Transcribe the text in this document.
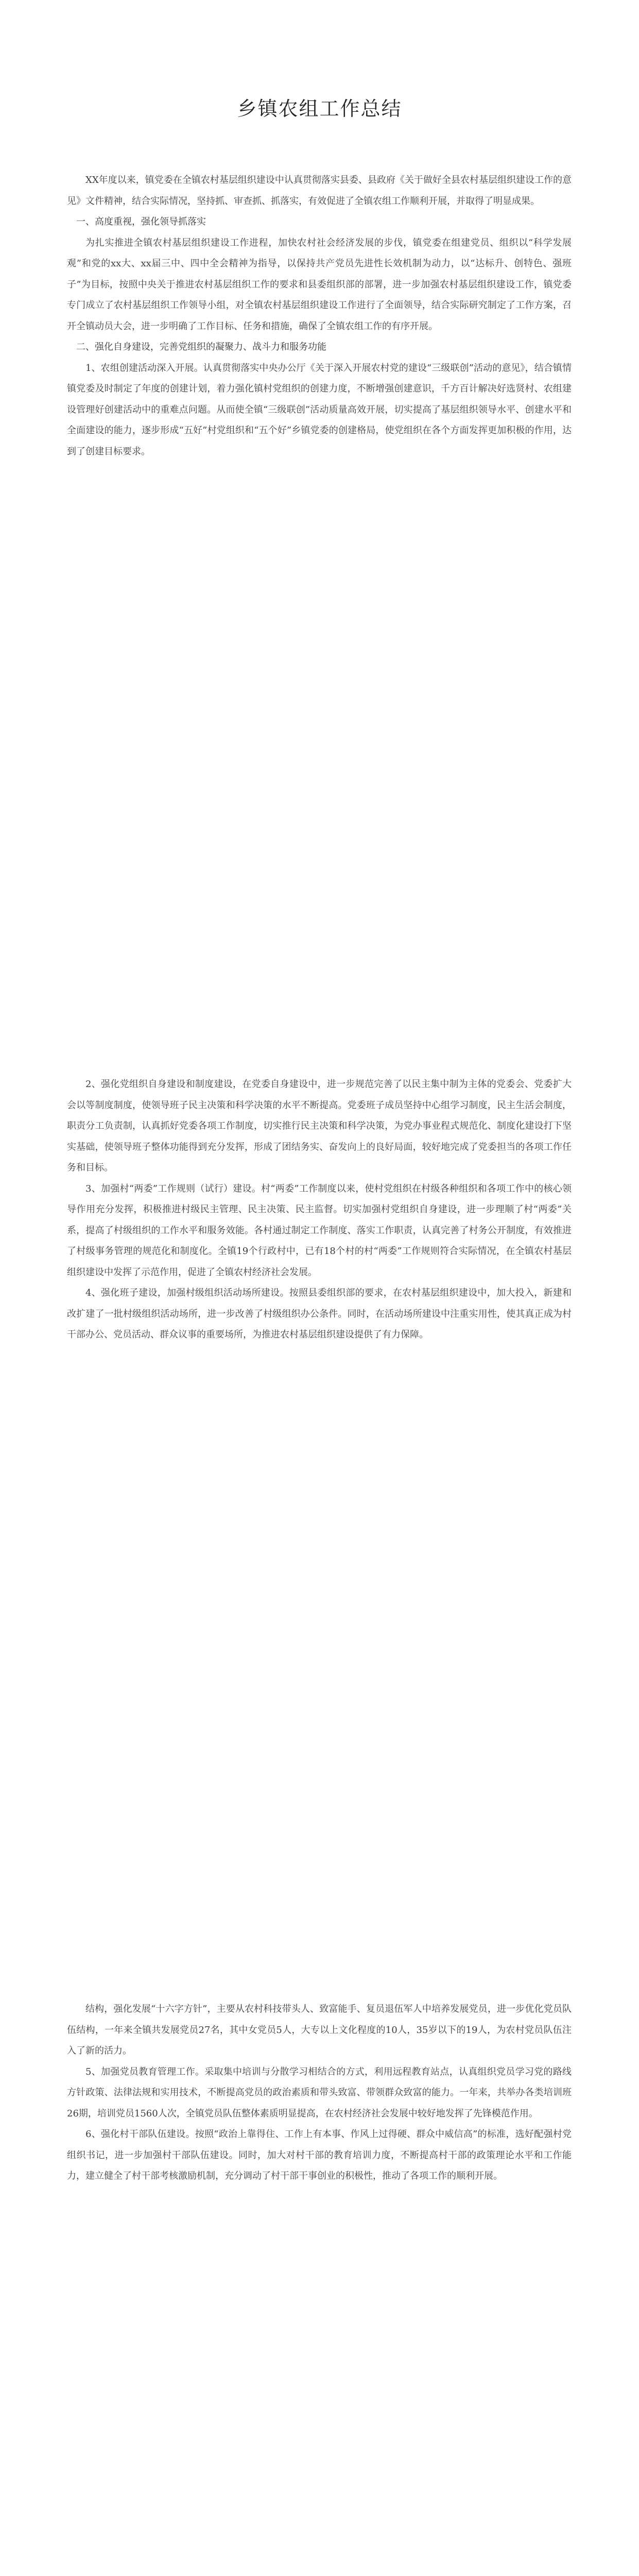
乡镇农组工作总结

XX年度以来，镇党委在全镇农村基层组织建设中认真贯彻落实县委、县政府《关于做好全县农村基层组织建设工作的意见》文件精神，结合实际情况，坚持抓、审查抓、抓落实，有效促进了全镇农组工作顺利开展，并取得了明显成果。

一、高度重视，强化领导抓落实

为扎实推进全镇农村基层组织建设工作进程，加快农村社会经济发展的步伐，镇党委在组建党员、组织以“科学发展观”和党的xx大、xx届三中、四中全会精神为指导，以保持共产党员先进性长效机制为动力，以“达标升、创特色、强班子”为目标，按照中央关于推进农村基层组织工作的要求和县委组织部的部署，进一步加强农村基层组织建设工作，镇党委专门成立了农村基层组织工作领导小组，对全镇农村基层组织建设工作进行了全面领导，结合实际研究制定了工作方案，召开全镇动员大会，进一步明确了工作目标、任务和措施，确保了全镇农组工作的有序开展。

二、强化自身建设，完善党组织的凝聚力、战斗力和服务功能

1、农组创建活动深入开展。认真贯彻落实中央办公厅《关于深入开展农村党的建设“三级联创”活动的意见》，结合镇情镇党委及时制定了年度的创建计划，着力强化镇村党组织的创建力度，不断增强创建意识，千方百计解决好选贤村、农组建设管理好创建活动中的重难点问题。从而使全镇“三级联创”活动质量高效开展，切实提高了基层组织领导水平、创建水平和全面建设的能力，逐步形成“五好”村党组织和“五个好”乡镇党委的创建格局，使党组织在各个方面发挥更加积极的作用，达到了创建目标要求。

2、强化党组织自身建设和制度建设，在党委自身建设中，进一步规范完善了以民主集中制为主体的党委会、党委扩大会以等制度制度，使领导班子民主决策和科学决策的水平不断提高。党委班子成员坚持中心组学习制度，民主生活会制度，职责分工负责制，认真抓好党委各项工作制度，切实推行民主决策和科学决策，为党办事业程式规范化、制度化建设打下坚实基础，使领导班子整体功能得到充分发挥，形成了团结务实、奋发向上的良好局面，较好地完成了党委担当的各项工作任务和目标。

3、加强村“两委”工作规则（试行）建设。村“两委”工作制度以来，使村党组织在村级各种组织和各项工作中的核心领导作用充分发挥，积极推进村级民主管理、民主决策、民主监督。切实加强村党组织自身建设，进一步理顺了村“两委”关系，提高了村级组织的工作水平和服务效能。各村通过制定工作制度、落实工作职责，认真完善了村务公开制度，有效推进了村级事务管理的规范化和制度化。全镇19个行政村中，已有18个村的村“两委”工作规则符合实际情况，在全镇农村基层组织建设中发挥了示范作用，促进了全镇农村经济社会发展。

4、强化班子建设，加强村级组织活动场所建设。按照县委组织部的要求，在农村基层组织建设中，加大投入，新建和改扩建了一批村级组织活动场所，进一步改善了村级组织办公条件。同时，在活动场所建设中注重实用性，使其真正成为村干部办公、党员活动、群众议事的重要场所，为推进农村基层组织建设提供了有力保障。

结构，强化发展“十六字方针”，主要从农村科技带头人、致富能手、复员退伍军人中培养发展党员，进一步优化党员队伍结构，一年来全镇共发展党员27名，其中女党员5人，大专以上文化程度的10人，35岁以下的19人，为农村党员队伍注入了新的活力。

5、加强党员教育管理工作。采取集中培训与分散学习相结合的方式，利用远程教育站点，认真组织党员学习党的路线方针政策、法律法规和实用技术，不断提高党员的政治素质和带头致富、带领群众致富的能力。一年来，共举办各类培训班26期，培训党员1560人次，全镇党员队伍整体素质明显提高，在农村经济社会发展中较好地发挥了先锋模范作用。

6、强化村干部队伍建设。按照“政治上靠得住、工作上有本事、作风上过得硬、群众中威信高”的标准，选好配强村党组织书记，进一步加强村干部队伍建设。同时，加大对村干部的教育培训力度，不断提高村干部的政策理论水平和工作能力，建立健全了村干部考核激励机制，充分调动了村干部干事创业的积极性，推动了各项工作的顺利开展。
